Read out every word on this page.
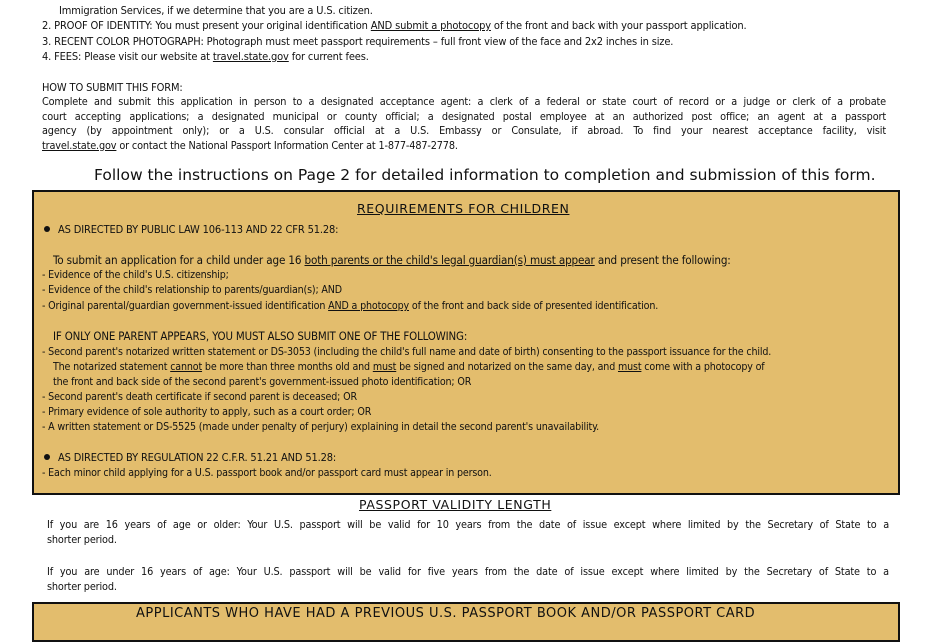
Immigration Services, if we determine that you are a U.S. citizen.
2. PROOF OF IDENTITY: You must present your original identification AND submit a photocopy of the front and back with your passport application.
3. RECENT COLOR PHOTOGRAPH: Photograph must meet passport requirements – full front view of the face and 2x2 inches in size.
4. FEES: Please visit our website at travel.state.gov for current fees.
HOW TO SUBMIT THIS FORM:
Complete and submit this application in person to a designated acceptance agent: a clerk of a federal or state court of record or a judge or clerk of a probate
court accepting applications; a designated municipal or county official; a designated postal employee at an authorized post office; an agent at a passport
agency (by appointment only); or a U.S. consular official at a U.S. Embassy or Consulate, if abroad. To find your nearest acceptance facility, visit
travel.state.gov or contact the National Passport Information Center at 1-877-487-2778.
Follow the instructions on Page 2 for detailed information to completion and submission of this form.
REQUIREMENTS FOR CHILDREN
AS DIRECTED BY PUBLIC LAW 106-113 AND 22 CFR 51.28:
To submit an application for a child under age 16 both parents or the child's legal guardian(s) must appear and present the following:
- Evidence of the child's U.S. citizenship;
- Evidence of the child's relationship to parents/guardian(s); AND
- Original parental/guardian government-issued identification AND a photocopy of the front and back side of presented identification.
IF ONLY ONE PARENT APPEARS, YOU MUST ALSO SUBMIT ONE OF THE FOLLOWING:
- Second parent's notarized written statement or DS-3053 (including the child's full name and date of birth) consenting to the passport issuance for the child.
The notarized statement cannot be more than three months old and must be signed and notarized on the same day, and must come with a photocopy of
the front and back side of the second parent's government-issued photo identification; OR
- Second parent's death certificate if second parent is deceased; OR
- Primary evidence of sole authority to apply, such as a court order; OR
- A written statement or DS-5525 (made under penalty of perjury) explaining in detail the second parent's unavailability.
AS DIRECTED BY REGULATION 22 C.F.R. 51.21 AND 51.28:
- Each minor child applying for a U.S. passport book and/or passport card must appear in person.
PASSPORT VALIDITY LENGTH
If you are 16 years of age or older: Your U.S. passport will be valid for 10 years from the date of issue except where limited by the Secretary of State to a
shorter period.
If you are under 16 years of age: Your U.S. passport will be valid for five years from the date of issue except where limited by the Secretary of State to a
shorter period.
APPLICANTS WHO HAVE HAD A PREVIOUS U.S. PASSPORT BOOK AND/OR PASSPORT CARD
